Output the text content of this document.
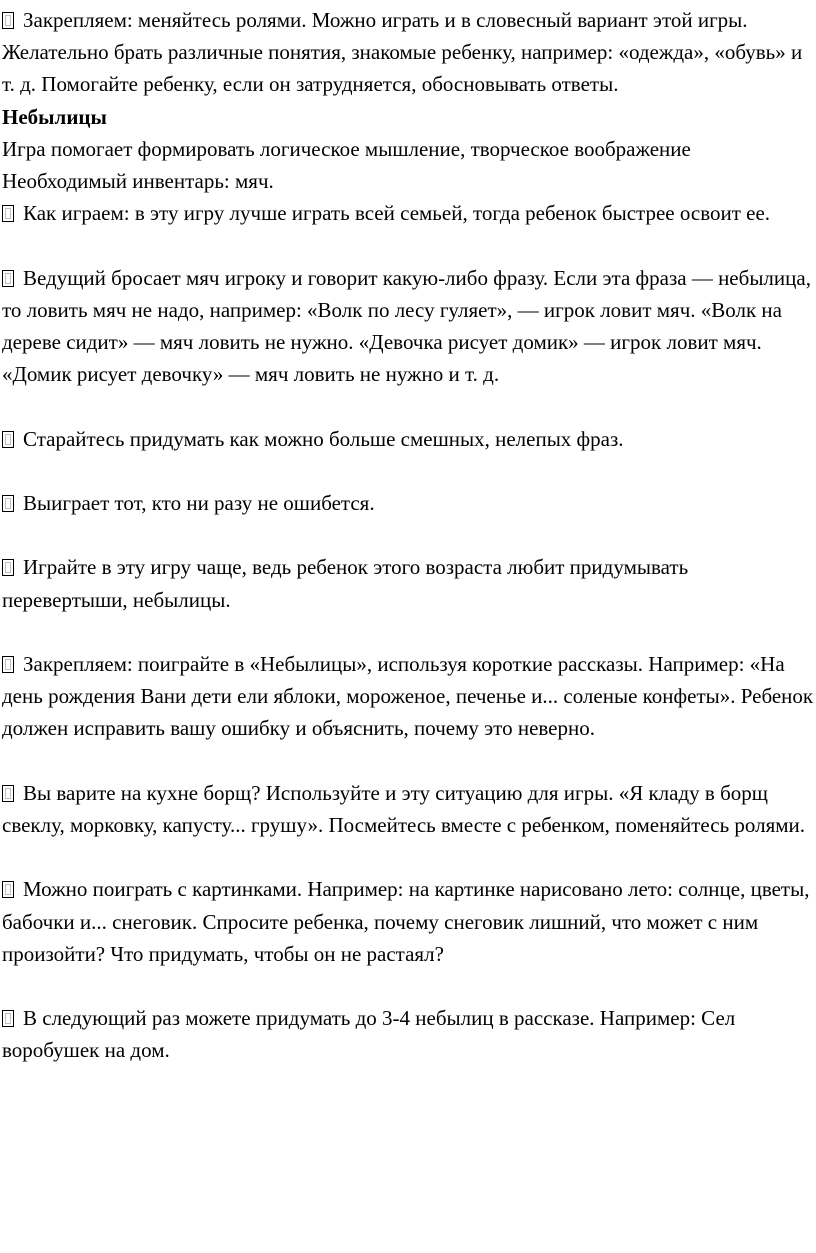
Закрепляем: меняйтесь ролями. Можно играть и в словесный вариант этой игры. Желательно брать различные понятия, знакомые ребенку, например: «одежда», «обувь» и т. д. Помогайте ребенку, если он затрудняется, обосновывать ответы.

Небылицы

Игра помогает формировать логическое мышление, творческое воображение

Необходимый инвентарь: мяч.

Как играем: в эту игру лучше играть всей семьей, тогда ребенок быстрее освоит ее.

Ведущий бросает мяч игроку и говорит какую-либо фразу. Если эта фраза — небылица, то ловить мяч не надо, например: «Волк по лесу гуляет», — игрок ловит мяч. «Волк на дереве сидит» — мяч ловить не нужно. «Девочка рисует домик» — игрок ловит мяч. «Домик рисует девочку» — мяч ловить не нужно и т. д.

Старайтесь придумать как можно больше смешных, нелепых фраз.

Выиграет тот, кто ни разу не ошибется.

Играйте в эту игру чаще, ведь ребенок этого возраста любит придумывать перевертыши, небылицы.

Закрепляем: поиграйте в «Небылицы», используя короткие рассказы. Например: «На день рождения Вани дети ели яблоки, мороженое, печенье и... соленые конфеты». Ребенок должен исправить вашу ошибку и объяснить, почему это неверно.

Вы варите на кухне борщ? Используйте и эту ситуацию для игры. «Я кладу в борщ свеклу, морковку, капусту... грушу». Посмейтесь вместе с ребенком, поменяйтесь ролями.

Можно поиграть с картинками. Например: на картинке нарисовано лето: солнце, цветы, бабочки и... снеговик. Спросите ребенка, почему снеговик лишний, что может с ним произойти? Что придумать, чтобы он не растаял?

В следующий раз можете придумать до 3-4 небылиц в рассказе. Например: Сел воробушек на дом.
